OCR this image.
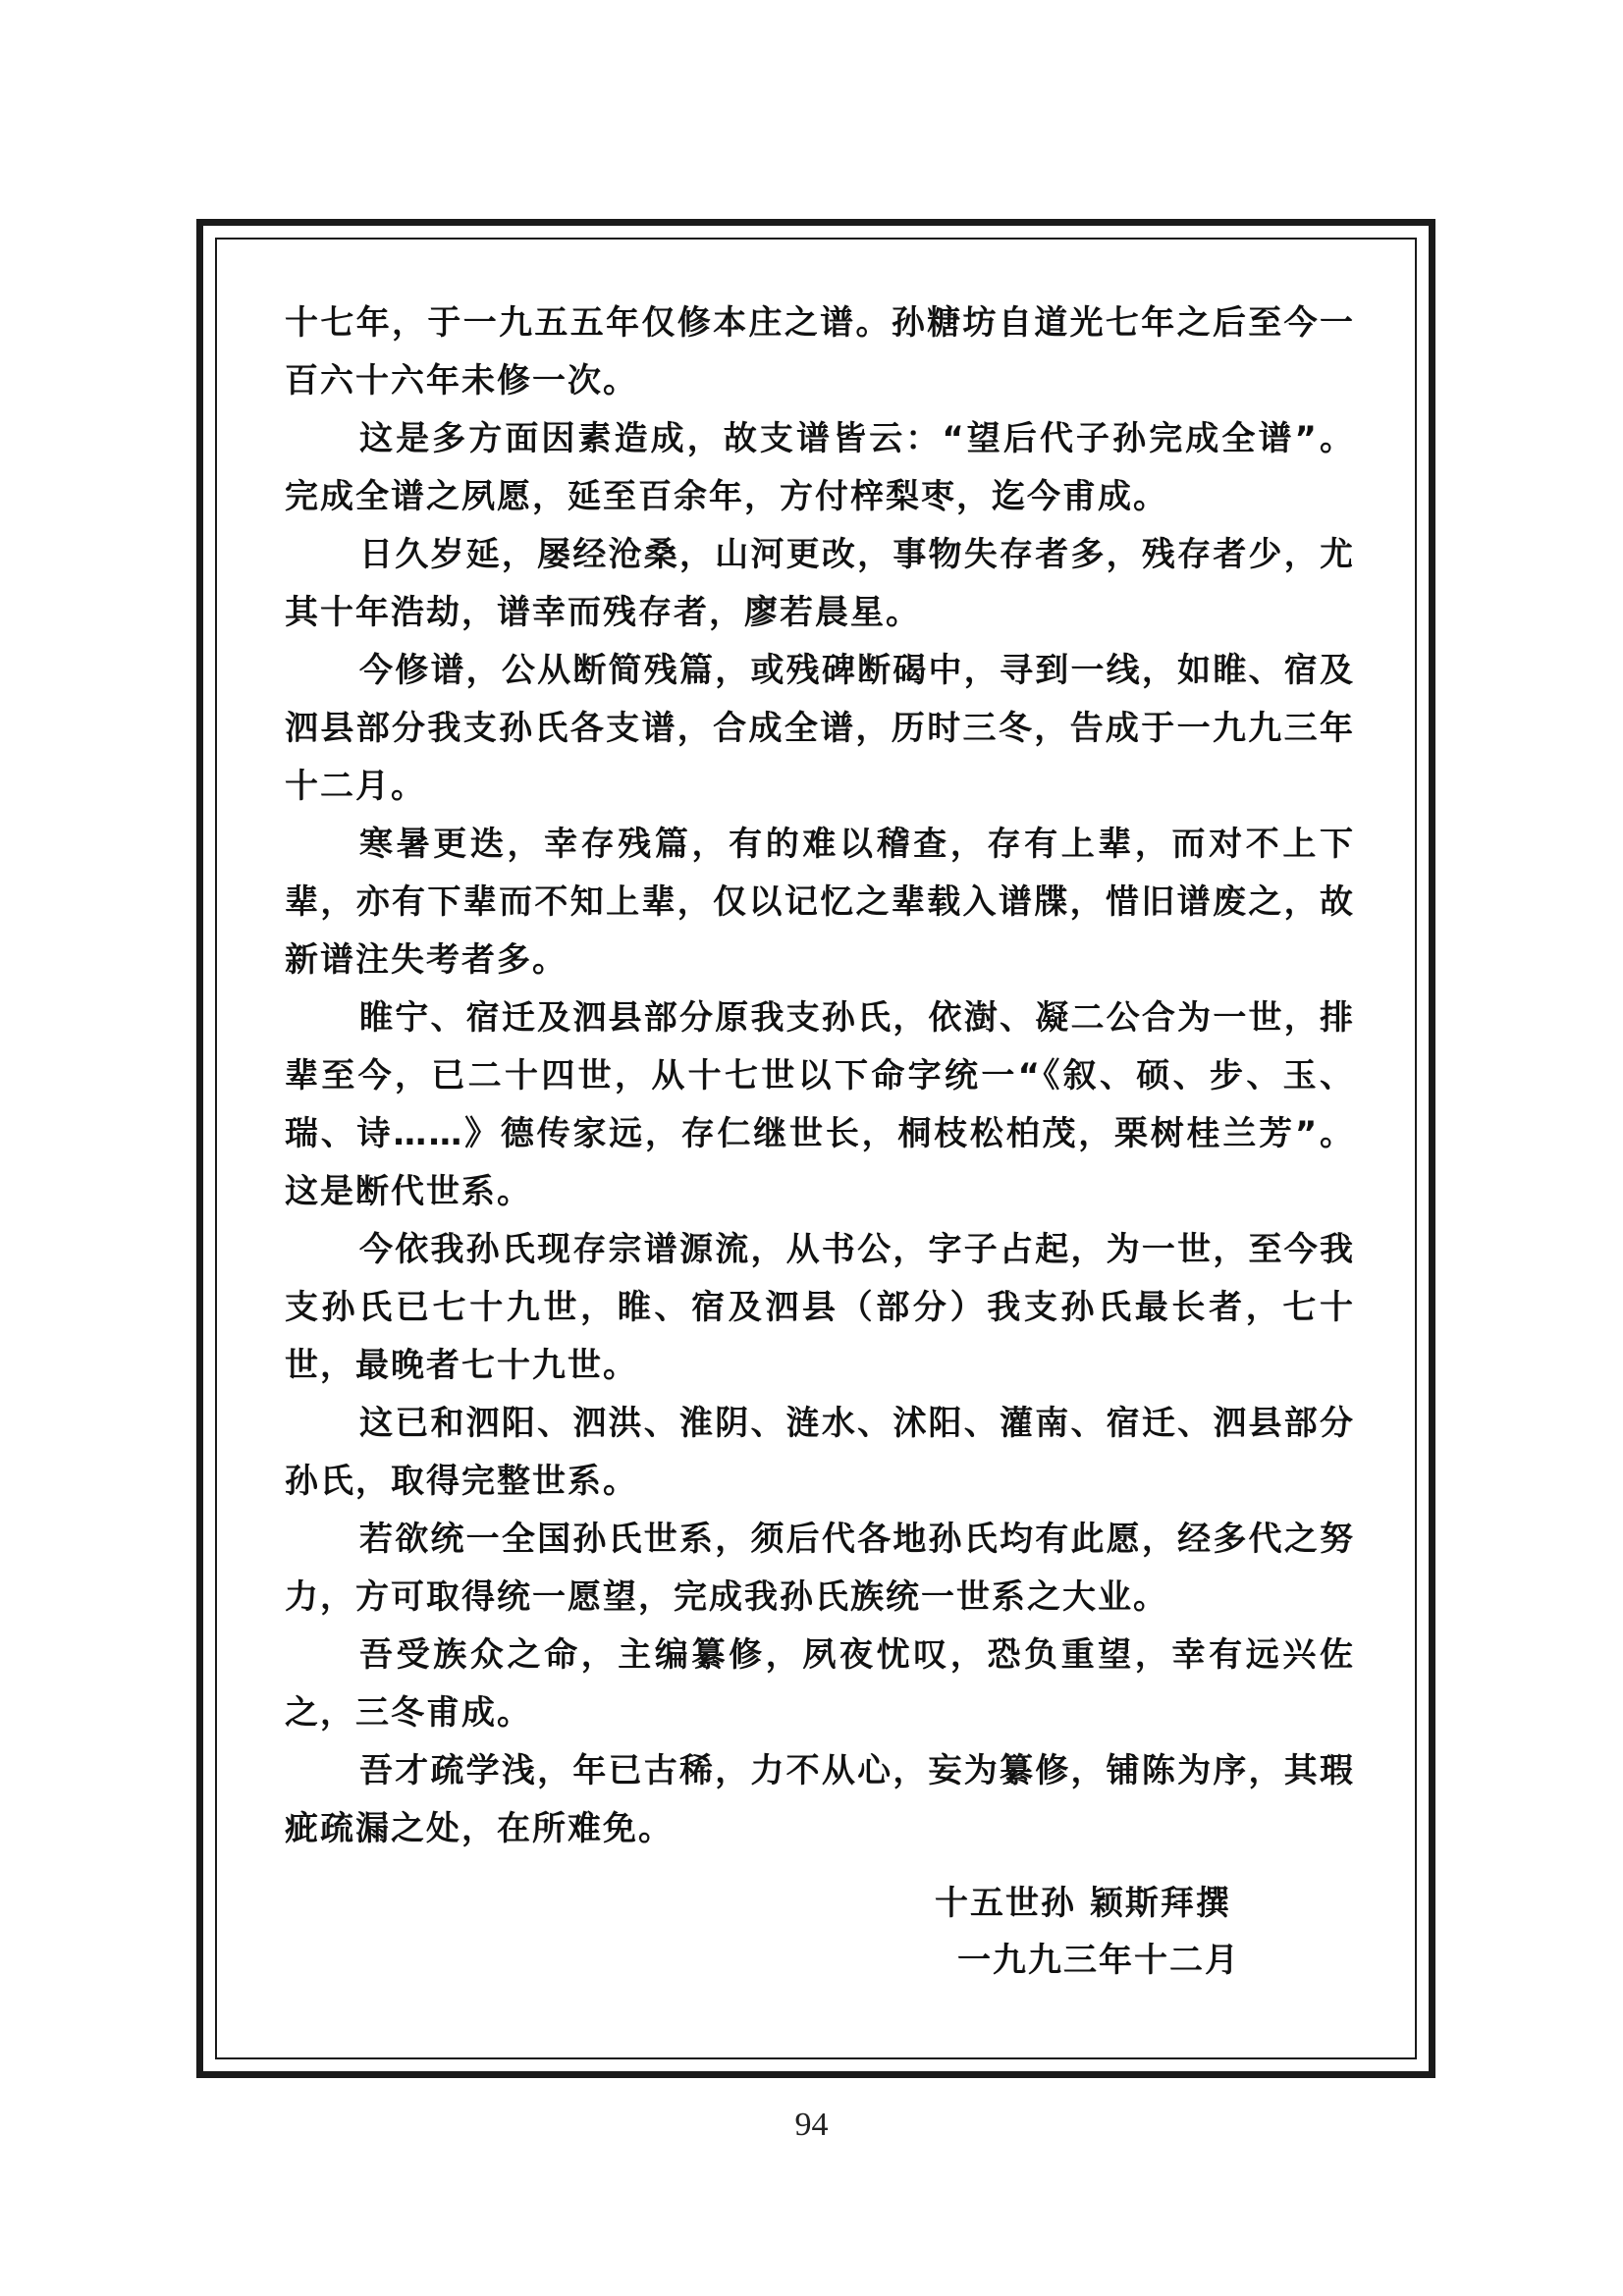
十七年，于一九五五年仅修本庄之谱。孙糖坊自道光七年之后至今一百六十六年未修一次。

这是多方面因素造成，故支谱皆云：“望后代子孙完成全谱”。完成全谱之夙愿，延至百余年，方付梓梨枣，迄今甫成。

日久岁延，屡经沧桑，山河更改，事物失存者多，残存者少，尤其十年浩劫，谱幸而残存者，廖若晨星。

今修谱，公从断简残篇，或残碑断碣中，寻到一线，如睢、宿及泗县部分我支孙氏各支谱，合成全谱，历时三冬，告成于一九九三年十二月。

寒暑更迭，幸存残篇，有的难以稽查，存有上辈，而对不上下辈，亦有下辈而不知上辈，仅以记忆之辈载入谱牒，惜旧谱废之，故新谱注失考者多。

睢宁、宿迁及泗县部分原我支孙氏，依澍、凝二公合为一世，排辈至今，已二十四世，从十七世以下命字统一“《叙、硕、步、玉、瑞、诗……》德传家远，存仁继世长，桐枝松柏茂，栗树桂兰芳”。这是断代世系。

今依我孙氏现存宗谱源流，从书公，字子占起，为一世，至今我支孙氏已七十九世，睢、宿及泗县（部分）我支孙氏最长者，七十世，最晚者七十九世。

这已和泗阳、泗洪、淮阴、涟水、沭阳、灌南、宿迁、泗县部分孙氏，取得完整世系。

若欲统一全国孙氏世系，须后代各地孙氏均有此愿，经多代之努力，方可取得统一愿望，完成我孙氏族统一世系之大业。

吾受族众之命，主编纂修，夙夜忧叹，恐负重望，幸有远兴佐之，三冬甫成。

吾才疏学浅，年已古稀，力不从心，妄为纂修，铺陈为序，其瑕疵疏漏之处，在所难免。

十五世孙 颖斯拜撰
一九九三年十二月
94
